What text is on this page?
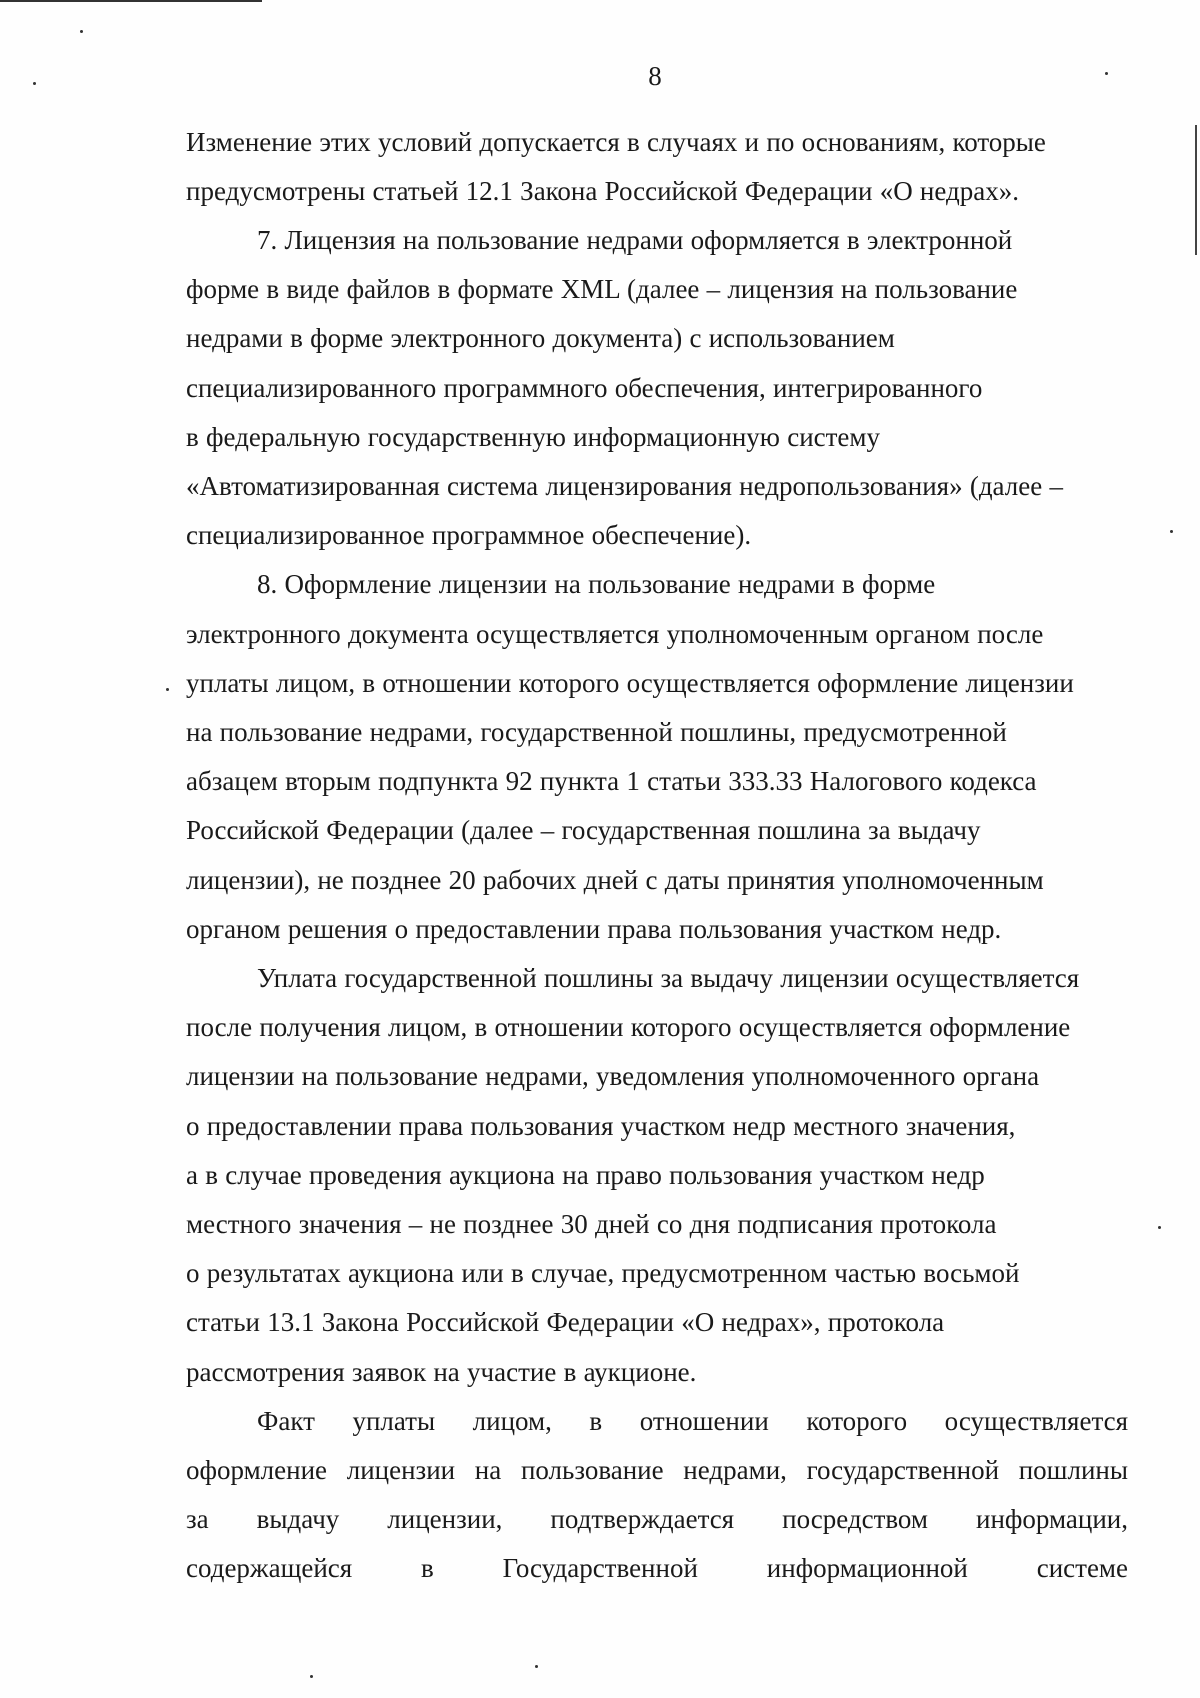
8

Изменение этих условий допускается в случаях и по основаниям, которые
предусмотрены статьей 12.1 Закона Российской Федерации «О недрах».

7. Лицензия на пользование недрами оформляется в электронной
форме в виде файлов в формате XML (далее – лицензия на пользование
недрами в форме электронного документа) с использованием
специализированного программного обеспечения, интегрированного
в федеральную государственную информационную систему
«Автоматизированная система лицензирования недропользования» (далее –
специализированное программное обеспечение).

8. Оформление лицензии на пользование недрами в форме
электронного документа осуществляется уполномоченным органом после
уплаты лицом, в отношении которого осуществляется оформление лицензии
на пользование недрами, государственной пошлины, предусмотренной
абзацем вторым подпункта 92 пункта 1 статьи 333.33 Налогового кодекса
Российской Федерации (далее – государственная пошлина за выдачу
лицензии), не позднее 20 рабочих дней с даты принятия уполномоченным
органом решения о предоставлении права пользования участком недр.

Уплата государственной пошлины за выдачу лицензии осуществляется
после получения лицом, в отношении которого осуществляется оформление
лицензии на пользование недрами, уведомления уполномоченного органа
о предоставлении права пользования участком недр местного значения,
а в случае проведения аукциона на право пользования участком недр
местного значения – не позднее 30 дней со дня подписания протокола
о результатах аукциона или в случае, предусмотренном частью восьмой
статьи 13.1 Закона Российской Федерации «О недрах», протокола
рассмотрения заявок на участие в аукционе.

Факт уплаты лицом, в отношении которого осуществляется
оформление лицензии на пользование недрами, государственной пошлины
за выдачу лицензии, подтверждается посредством информации,
содержащейся в Государственной информационной системе
